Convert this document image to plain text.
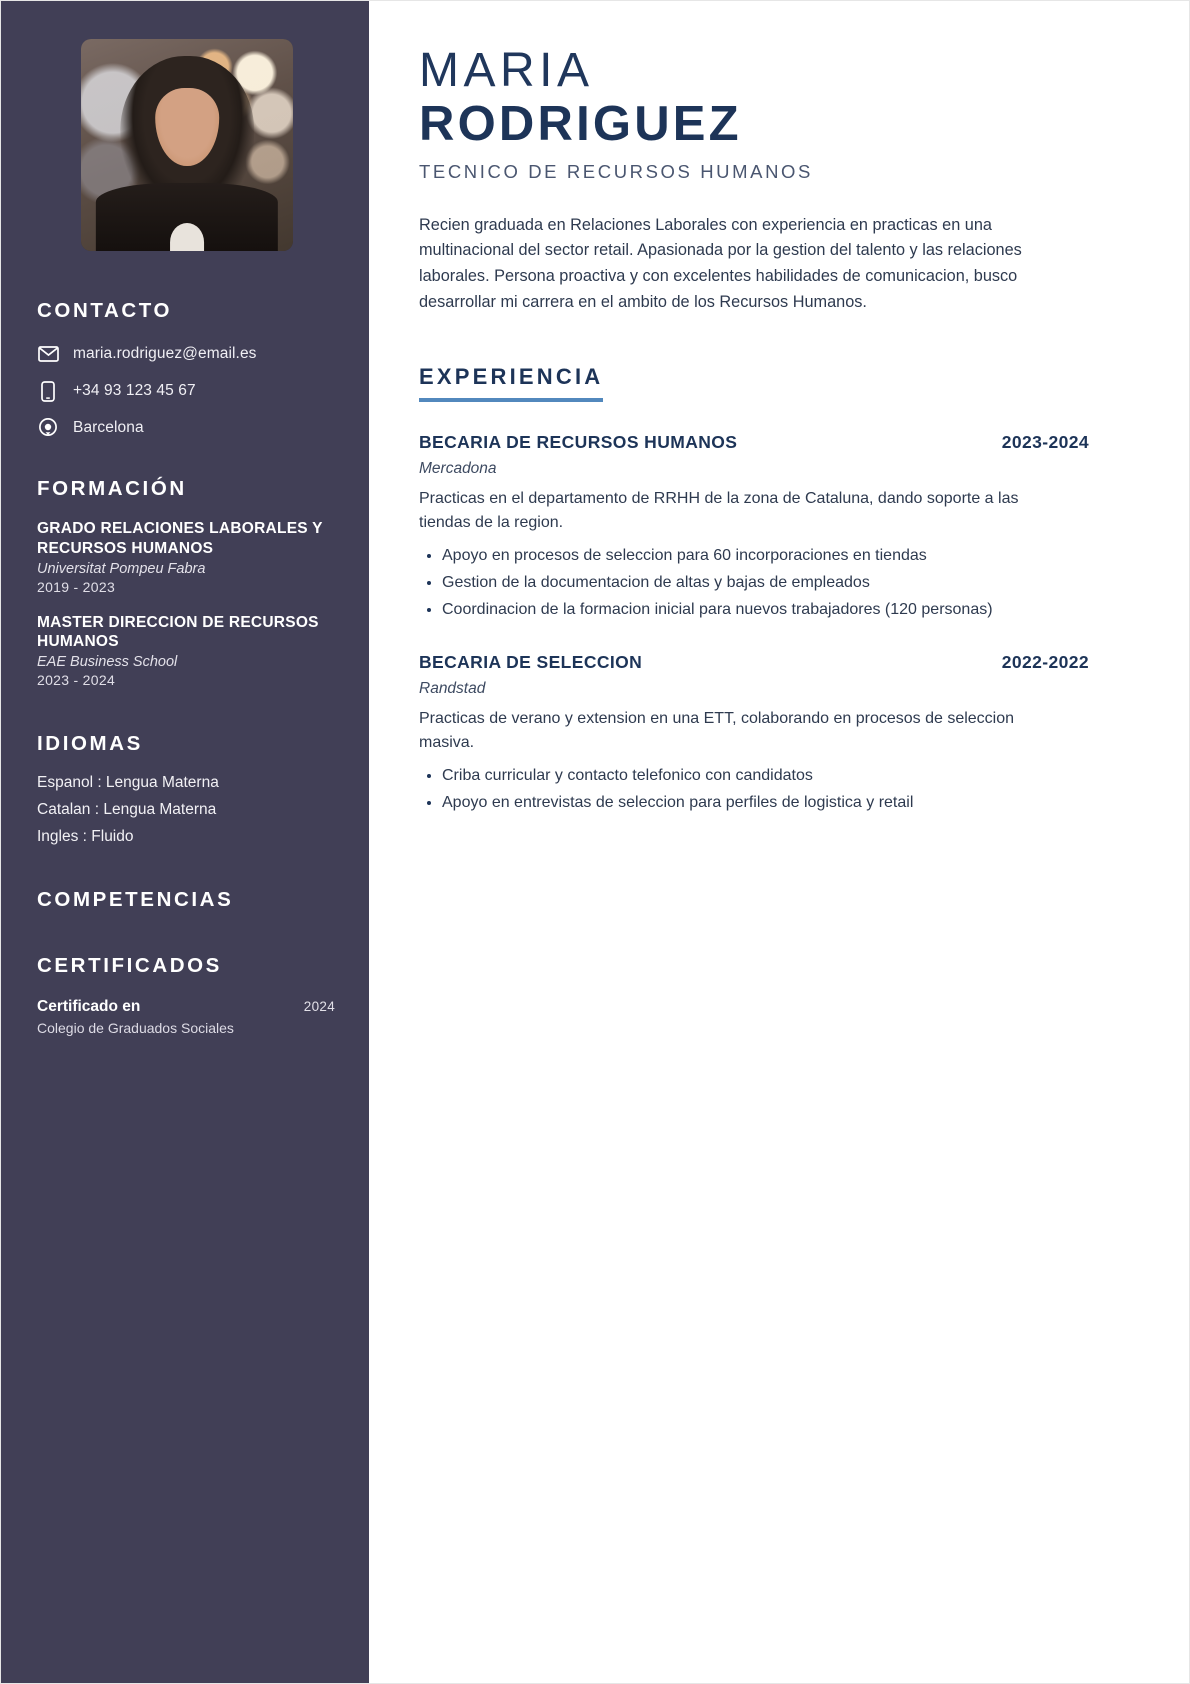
CONTACTO
maria.rodriguez@email.es
+34 93 123 45 67
Barcelona
FORMACIÓN
GRADO RELACIONES LABORALES Y RECURSOS HUMANOS
Universitat Pompeu Fabra
2019 - 2023
MASTER DIRECCION DE RECURSOS HUMANOS
EAE Business School
2023 - 2024
IDIOMAS
Espanol : Lengua Materna
Catalan : Lengua Materna
Ingles : Fluido
COMPETENCIAS
CERTIFICADOS
Certificado en	2024
Colegio de Graduados Sociales
MARIA
RODRIGUEZ
TECNICO DE RECURSOS HUMANOS

Recien graduada en Relaciones Laborales con experiencia en practicas en una multinacional del sector retail. Apasionada por la gestion del talento y las relaciones laborales. Persona proactiva y con excelentes habilidades de comunicacion, busco desarrollar mi carrera en el ambito de los Recursos Humanos.

EXPERIENCIA
BECARIA DE RECURSOS HUMANOS	2023-2024
Mercadona

Practicas en el departamento de RRHH de la zona de Cataluna, dando soporte a las tiendas de la region.

• Apoyo en procesos de seleccion para 60 incorporaciones en tiendas
• Gestion de la documentacion de altas y bajas de empleados
• Coordinacion de la formacion inicial para nuevos trabajadores (120 personas)
BECARIA DE SELECCION	2022-2022
Randstad

Practicas de verano y extension en una ETT, colaborando en procesos de seleccion masiva.

• Criba curricular y contacto telefonico con candidatos
• Apoyo en entrevistas de seleccion para perfiles de logistica y retail
